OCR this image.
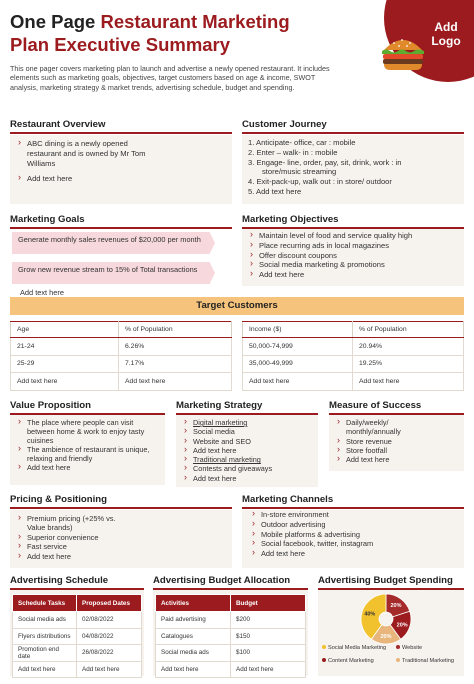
One Page Restaurant Marketing
Plan Executive Summary
This one pager covers marketing plan to launch and advertise a newly opened restaurant. It includes elements such as marketing goals, objectives, target customers based on age & income, SWOT analysis, marketing strategy & market trends, advertising schedule, budget and spending.
Add Logo
Restaurant Overview
› ABC dining is a newly opened restaurant and is owned by Mr Tom Williams
› Add text here
Customer Journey
1. Anticipate- office, car : mobile
2. Enter – walk- in : mobile
3. Engage- line, order, pay, sit, drink, work : in store/music streaming
4. Exit-pack-up, walk out : in store/ outdoor
5. Add text here
Marketing Goals
Generate monthly sales revenues of $20,000 per month
Grow new revenue stream to 15% of Total transactions
Add text here
Marketing Objectives
› Maintain level of food and service quality high
› Place recurring ads in local magazines
› Offer discount coupons
› Social media marketing & promotions
› Add text here
Target Customers
Age	% of Population
21-24	6.26%
25-29	7.17%
Add text here	Add text here
Income ($)	% of Population
50,000-74,999	20.94%
35,000-49,999	19.25%
Add text here	Add text here
Value Proposition
› The place where people can visit between home & work to enjoy tasty cuisines
› The ambience of restaurant is unique, relaxing and friendly
› Add text here
Marketing Strategy
› Digital marketing
› Social media
› Website and SEO
› Add text here
› Traditional marketing
› Contests and giveaways
› Add text here
Measure of Success
› Daily/weekly/ monthly/annually
› Store revenue
› Store footfall
› Add text here
Pricing & Positioning
› Premium pricing (+25% vs. Value brands)
› Superior convenience
› Fast service
› Add text here
Marketing Channels
› In-store environment
› Outdoor advertising
› Mobile platforms & advertising
› Social facebook, twitter, instagram
› Add text here
Advertising Schedule
Schedule Tasks	Proposed Dates
Social media ads	02/08/2022
Flyers distributions	04/08/2022
Promotion end date	26/08/2022
Add text here	Add text here
Advertising Budget Allocation
Activities	Budget
Paid advertising	$200
Catalogues	$150
Social media ads	$100
Add text here	Add text here
Advertising Budget Spending
20%
20%
20%
40%
Social Media Marketing	Website
Content Marketing	Traditional Marketing
